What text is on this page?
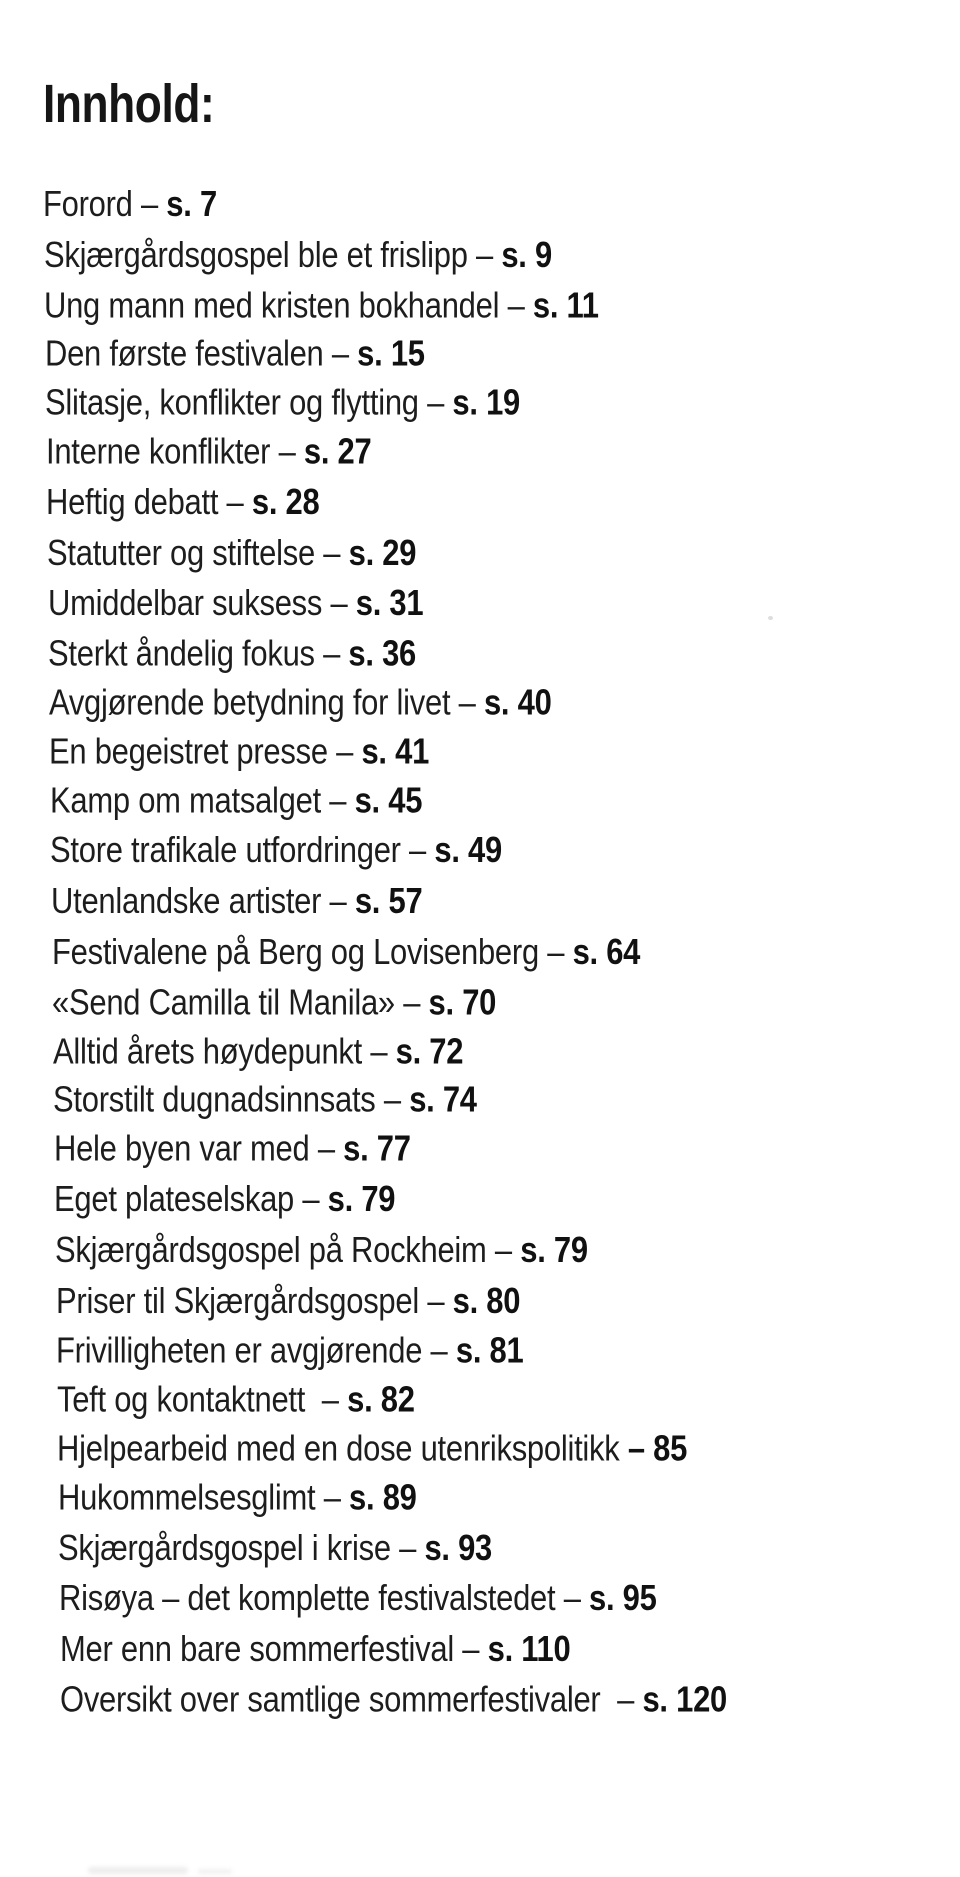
Innhold:
Forord – s. 7
Skjærgårdsgospel ble et frislipp – s. 9
Ung mann med kristen bokhandel – s. 11
Den første festivalen – s. 15
Slitasje, konflikter og flytting – s. 19
Interne konflikter – s. 27
Heftig debatt – s. 28
Statutter og stiftelse – s. 29
Umiddelbar suksess – s. 31
Sterkt åndelig fokus – s. 36
Avgjørende betydning for livet – s. 40
En begeistret presse – s. 41
Kamp om matsalget – s. 45
Store trafikale utfordringer – s. 49
Utenlandske artister – s. 57
Festivalene på Berg og Lovisenberg – s. 64
«Send Camilla til Manila» – s. 70
Alltid årets høydepunkt – s. 72
Storstilt dugnadsinnsats – s. 74
Hele byen var med – s. 77
Eget plateselskap – s. 79
Skjærgårdsgospel på Rockheim – s. 79
Priser til Skjærgårdsgospel – s. 80
Frivilligheten er avgjørende – s. 81
Teft og kontaktnett  – s. 82
Hjelpearbeid med en dose utenrikspolitikk – 85
Hukommelsesglimt – s. 89
Skjærgårdsgospel i krise – s. 93
Risøya – det komplette festivalstedet – s. 95
Mer enn bare sommerfestival – s. 110
Oversikt over samtlige sommerfestivaler  – s. 120
